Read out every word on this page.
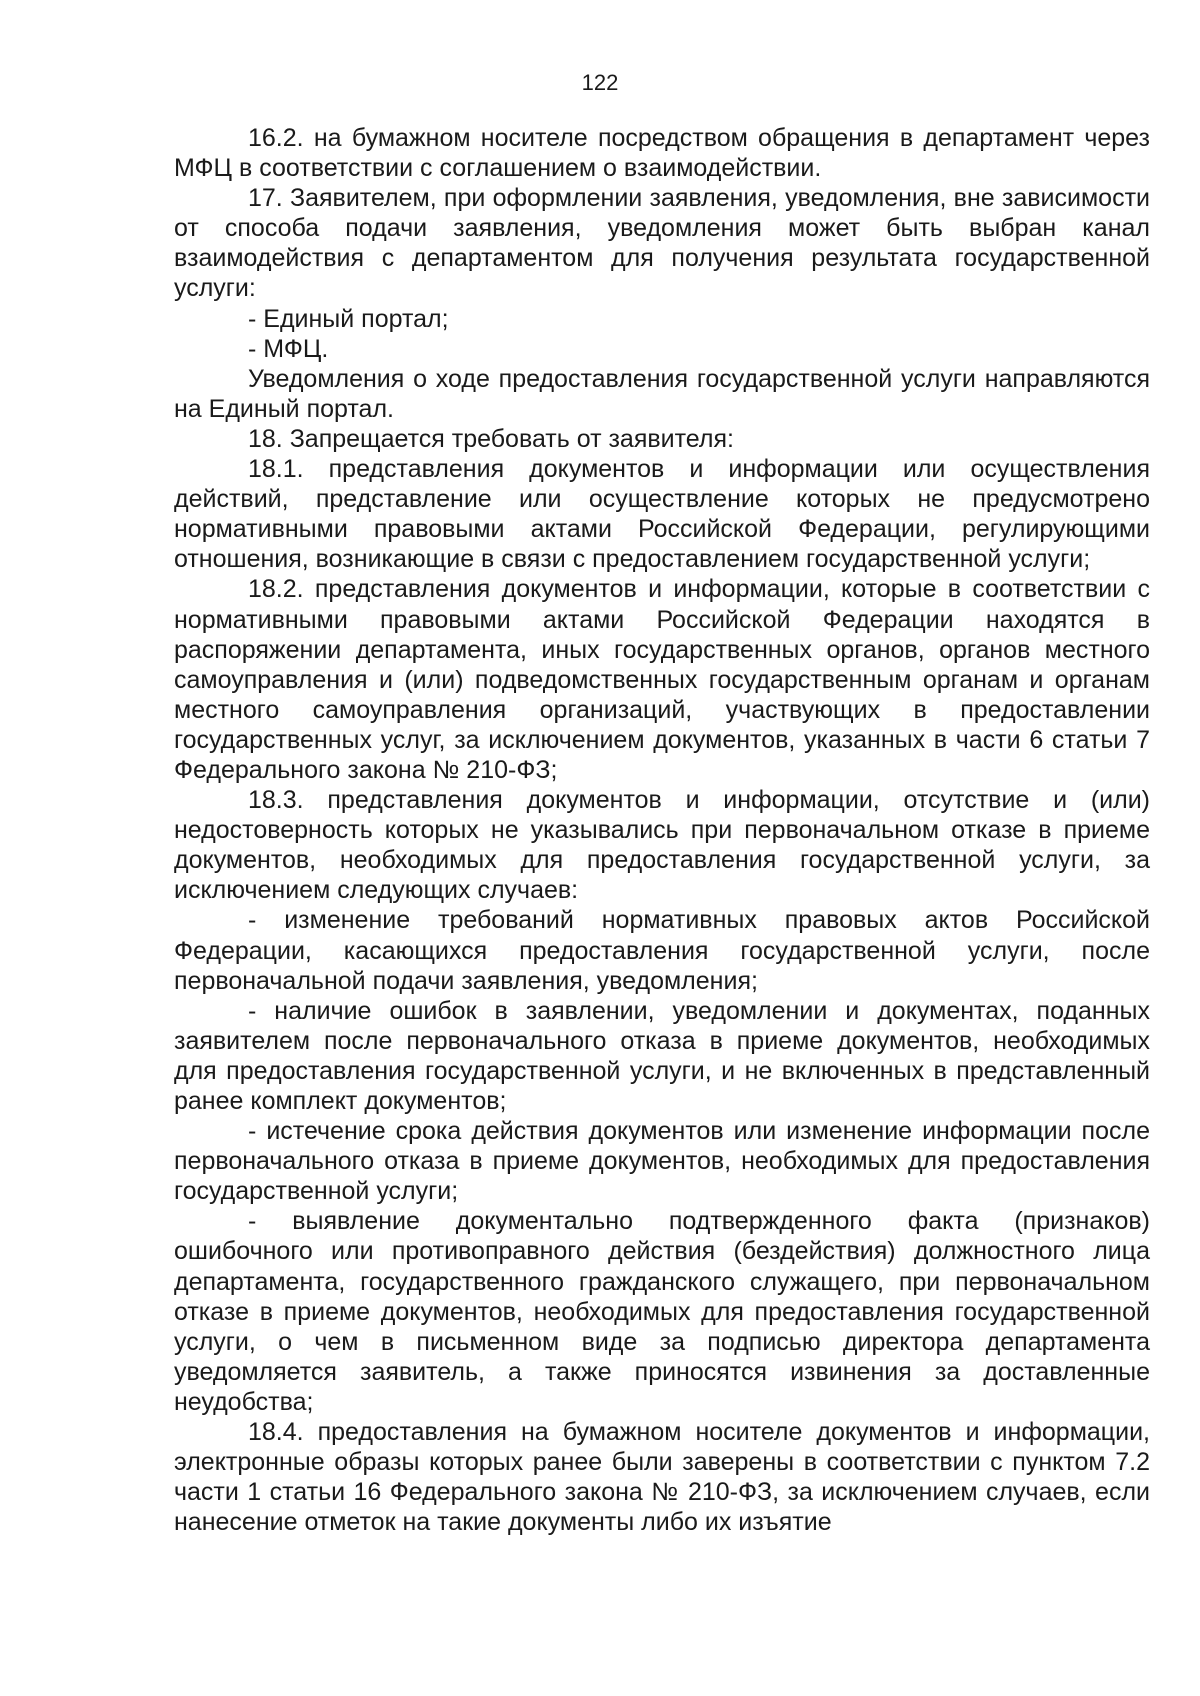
122

16.2. на бумажном носителе посредством обращения в департамент через МФЦ в соответствии с соглашением о взаимодействии.

17. Заявителем, при оформлении заявления, уведомления, вне зависимости от способа подачи заявления, уведомления может быть выбран канал взаимодействия с департаментом для получения результата государственной услуги:

- Единый портал;

- МФЦ.

Уведомления о ходе предоставления государственной услуги направляются на Единый портал.

18. Запрещается требовать от заявителя:

18.1. представления документов и информации или осуществления действий, представление или осуществление которых не предусмотрено нормативными правовыми актами Российской Федерации, регулирующими отношения, возникающие в связи с предоставлением государственной услуги;

18.2. представления документов и информации, которые в соответствии с нормативными правовыми актами Российской Федерации находятся в распоряжении департамента, иных государственных органов, органов местного самоуправления и (или) подведомственных государственным органам и органам местного самоуправления организаций, участвующих в предоставлении государственных услуг, за исключением документов, указанных в части 6 статьи 7 Федерального закона № 210-ФЗ;

18.3. представления документов и информации, отсутствие и (или) недостоверность которых не указывались при первоначальном отказе в приеме документов, необходимых для предоставления государственной услуги, за исключением следующих случаев:

- изменение требований нормативных правовых актов Российской Федерации, касающихся предоставления государственной услуги, после первоначальной подачи заявления, уведомления;

- наличие ошибок в заявлении, уведомлении и документах, поданных заявителем после первоначального отказа в приеме документов, необходимых для предоставления государственной услуги, и не включенных в представленный ранее комплект документов;

- истечение срока действия документов или изменение информации после первоначального отказа в приеме документов, необходимых для предоставления государственной услуги;

- выявление документально подтвержденного факта (признаков) ошибочного или противоправного действия (бездействия) должностного лица департамента, государственного гражданского служащего, при первоначальном отказе в приеме документов, необходимых для предоставления государственной услуги, о чем в письменном виде за подписью директора департамента уведомляется заявитель, а также приносятся извинения за доставленные неудобства;

18.4. предоставления на бумажном носителе документов и информации, электронные образы которых ранее были заверены в соответствии с пунктом 7.2 части 1 статьи 16 Федерального закона № 210-ФЗ, за исключением случаев, если нанесение отметок на такие документы либо их изъятие
